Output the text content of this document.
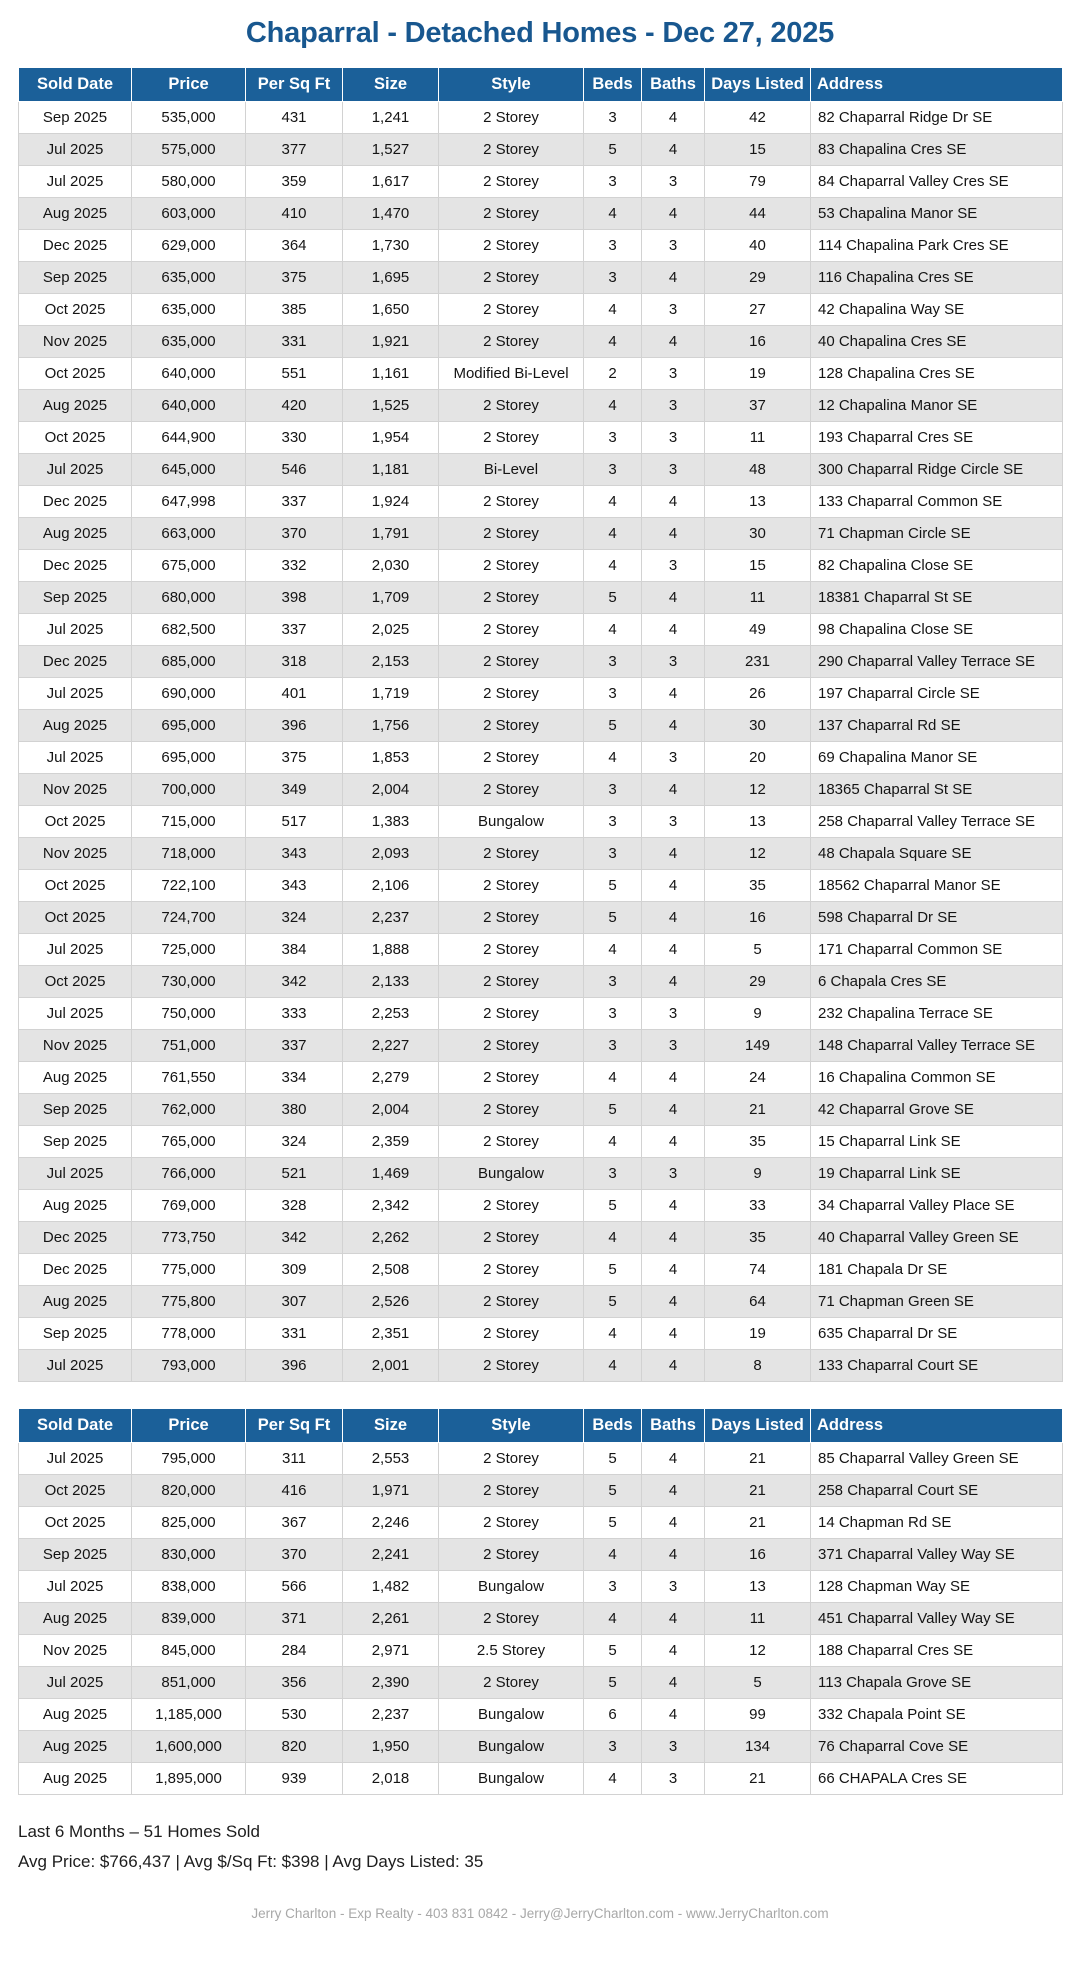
Chaparral - Detached Homes - Dec 27, 2025
Sold Date	Price	Per Sq Ft	Size	Style	Beds	Baths	Days Listed	Address
Sep 2025	535,000	431	1,241	2 Storey	3	4	42	82 Chaparral Ridge Dr SE
Jul 2025	575,000	377	1,527	2 Storey	5	4	15	83 Chapalina Cres SE
Jul 2025	580,000	359	1,617	2 Storey	3	3	79	84 Chaparral Valley Cres SE
Aug 2025	603,000	410	1,470	2 Storey	4	4	44	53 Chapalina Manor SE
Dec 2025	629,000	364	1,730	2 Storey	3	3	40	114 Chapalina Park Cres SE
Sep 2025	635,000	375	1,695	2 Storey	3	4	29	116 Chapalina Cres SE
Oct 2025	635,000	385	1,650	2 Storey	4	3	27	42 Chapalina Way SE
Nov 2025	635,000	331	1,921	2 Storey	4	4	16	40 Chapalina Cres SE
Oct 2025	640,000	551	1,161	Modified Bi-Level	2	3	19	128 Chapalina Cres SE
Aug 2025	640,000	420	1,525	2 Storey	4	3	37	12 Chapalina Manor SE
Oct 2025	644,900	330	1,954	2 Storey	3	3	11	193 Chaparral Cres SE
Jul 2025	645,000	546	1,181	Bi-Level	3	3	48	300 Chaparral Ridge Circle SE
Dec 2025	647,998	337	1,924	2 Storey	4	4	13	133 Chaparral Common SE
Aug 2025	663,000	370	1,791	2 Storey	4	4	30	71 Chapman Circle SE
Dec 2025	675,000	332	2,030	2 Storey	4	3	15	82 Chapalina Close SE
Sep 2025	680,000	398	1,709	2 Storey	5	4	11	18381 Chaparral St SE
Jul 2025	682,500	337	2,025	2 Storey	4	4	49	98 Chapalina Close SE
Dec 2025	685,000	318	2,153	2 Storey	3	3	231	290 Chaparral Valley Terrace SE
Jul 2025	690,000	401	1,719	2 Storey	3	4	26	197 Chaparral Circle SE
Aug 2025	695,000	396	1,756	2 Storey	5	4	30	137 Chaparral Rd SE
Jul 2025	695,000	375	1,853	2 Storey	4	3	20	69 Chapalina Manor SE
Nov 2025	700,000	349	2,004	2 Storey	3	4	12	18365 Chaparral St SE
Oct 2025	715,000	517	1,383	Bungalow	3	3	13	258 Chaparral Valley Terrace SE
Nov 2025	718,000	343	2,093	2 Storey	3	4	12	48 Chapala Square SE
Oct 2025	722,100	343	2,106	2 Storey	5	4	35	18562 Chaparral Manor SE
Oct 2025	724,700	324	2,237	2 Storey	5	4	16	598 Chaparral Dr SE
Jul 2025	725,000	384	1,888	2 Storey	4	4	5	171 Chaparral Common SE
Oct 2025	730,000	342	2,133	2 Storey	3	4	29	6 Chapala Cres SE
Jul 2025	750,000	333	2,253	2 Storey	3	3	9	232 Chapalina Terrace SE
Nov 2025	751,000	337	2,227	2 Storey	3	3	149	148 Chaparral Valley Terrace SE
Aug 2025	761,550	334	2,279	2 Storey	4	4	24	16 Chapalina Common SE
Sep 2025	762,000	380	2,004	2 Storey	5	4	21	42 Chaparral Grove SE
Sep 2025	765,000	324	2,359	2 Storey	4	4	35	15 Chaparral Link SE
Jul 2025	766,000	521	1,469	Bungalow	3	3	9	19 Chaparral Link SE
Aug 2025	769,000	328	2,342	2 Storey	5	4	33	34 Chaparral Valley Place SE
Dec 2025	773,750	342	2,262	2 Storey	4	4	35	40 Chaparral Valley Green SE
Dec 2025	775,000	309	2,508	2 Storey	5	4	74	181 Chapala Dr SE
Aug 2025	775,800	307	2,526	2 Storey	5	4	64	71 Chapman Green SE
Sep 2025	778,000	331	2,351	2 Storey	4	4	19	635 Chaparral Dr SE
Jul 2025	793,000	396	2,001	2 Storey	4	4	8	133 Chaparral Court SE
Sold Date	Price	Per Sq Ft	Size	Style	Beds	Baths	Days Listed	Address
Jul 2025	795,000	311	2,553	2 Storey	5	4	21	85 Chaparral Valley Green SE
Oct 2025	820,000	416	1,971	2 Storey	5	4	21	258 Chaparral Court SE
Oct 2025	825,000	367	2,246	2 Storey	5	4	21	14 Chapman Rd SE
Sep 2025	830,000	370	2,241	2 Storey	4	4	16	371 Chaparral Valley Way SE
Jul 2025	838,000	566	1,482	Bungalow	3	3	13	128 Chapman Way SE
Aug 2025	839,000	371	2,261	2 Storey	4	4	11	451 Chaparral Valley Way SE
Nov 2025	845,000	284	2,971	2.5 Storey	5	4	12	188 Chaparral Cres SE
Jul 2025	851,000	356	2,390	2 Storey	5	4	5	113 Chapala Grove SE
Aug 2025	1,185,000	530	2,237	Bungalow	6	4	99	332 Chapala Point SE
Aug 2025	1,600,000	820	1,950	Bungalow	3	3	134	76 Chaparral Cove SE
Aug 2025	1,895,000	939	2,018	Bungalow	4	3	21	66 CHAPALA Cres SE
Last 6 Months – 51 Homes Sold
Avg Price: $766,437 | Avg $/Sq Ft: $398 | Avg Days Listed: 35
Jerry Charlton - Exp Realty - 403 831 0842 - Jerry@JerryCharlton.com - www.JerryCharlton.com
